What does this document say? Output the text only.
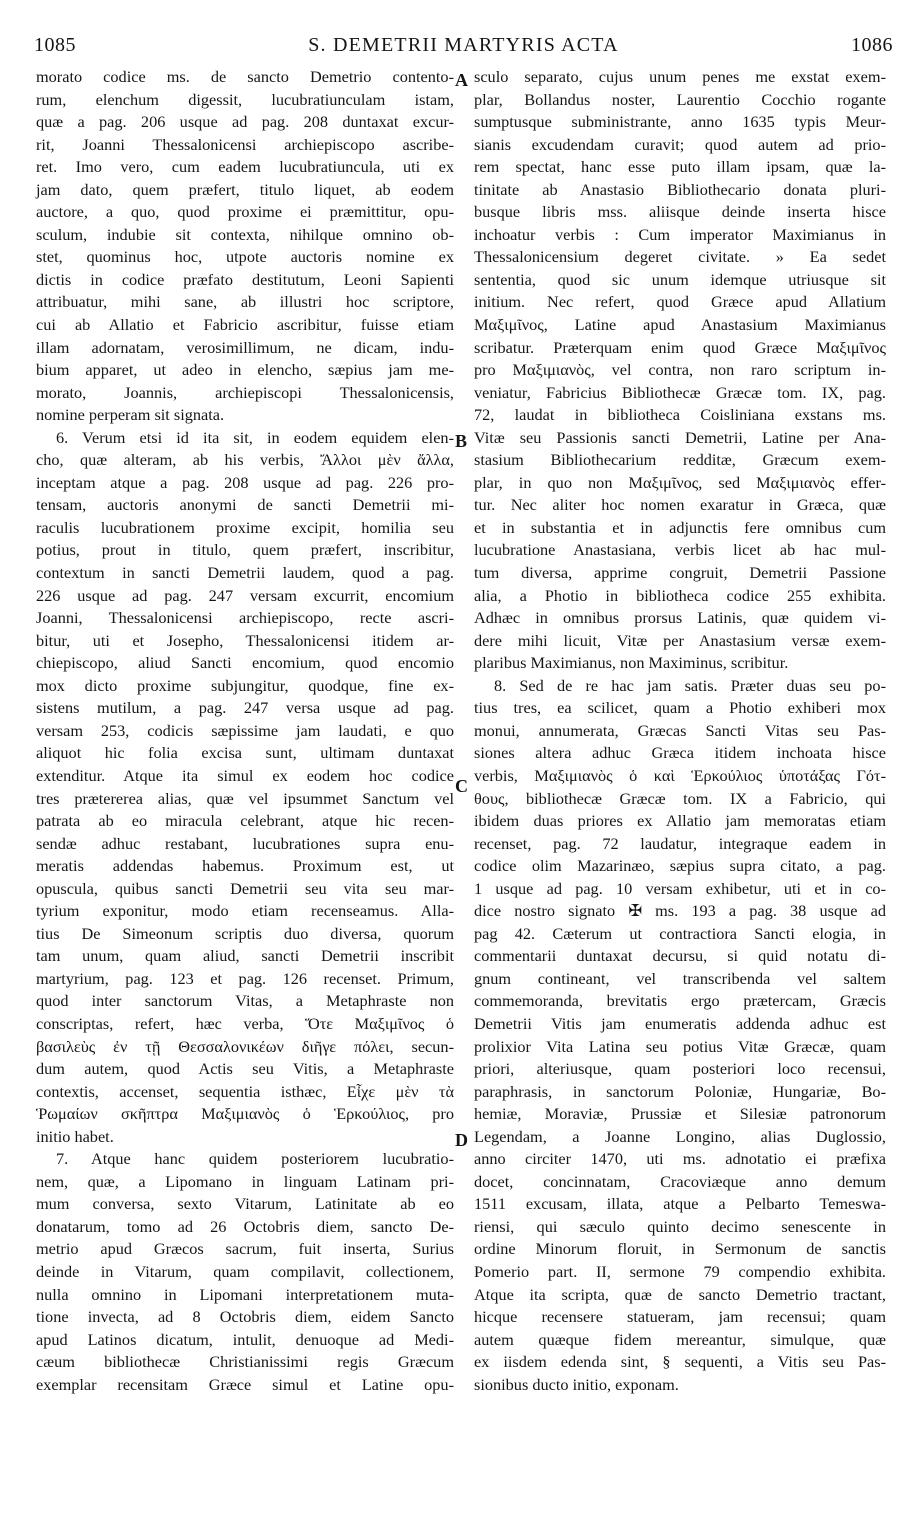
1085	S. DEMETRII MARTYRIS ACTA	1086
morato codice ms. de sancto Demetrio contento-
rum, elenchum digessit, lucubratiunculam istam,
quæ a pag. 206 usque ad pag. 208 duntaxat excur-
rit, Joanni Thessalonicensi archiepiscopo ascribe-
ret. Imo vero, cum eadem lucubratiuncula, uti ex
jam dato, quem præfert, titulo liquet, ab eodem
auctore, a quo, quod proxime ei præmittitur, opu-
sculum, indubie sit contexta, nihilque omnino ob-
stet, quominus hoc, utpote auctoris nomine ex
dictis in codice præfato destitutum, Leoni Sapienti
attribuatur, mihi sane, ab illustri hoc scriptore,
cui ab Allatio et Fabricio ascribitur, fuisse etiam
illam adornatam, verosimillimum, ne dicam, indu-
bium apparet, ut adeo in elencho, sæpius jam me-
morato, Joannis, archiepiscopi Thessalonicensis,
nomine perperam sit signata.
6. Verum etsi id ita sit, in eodem equidem elen-
cho, quæ alteram, ab his verbis, Ἄλλοι μὲν ἄλλα,
inceptam atque a pag. 208 usque ad pag. 226 pro-
tensam, auctoris anonymi de sancti Demetrii mi-
raculis lucubrationem proxime excipit, homilia seu
potius, prout in titulo, quem præfert, inscribitur,
contextum in sancti Demetrii laudem, quod a pag.
226 usque ad pag. 247 versam excurrit, encomium
Joanni, Thessalonicensi archiepiscopo, recte ascri-
bitur, uti et Josepho, Thessalonicensi itidem ar-
chiepiscopo, aliud Sancti encomium, quod encomio
mox dicto proxime subjungitur, quodque, fine ex-
sistens mutilum, a pag. 247 versa usque ad pag.
versam 253, codicis sæpissime jam laudati, e quo
aliquot hic folia excisa sunt, ultimam duntaxat
extenditur. Atque ita simul ex eodem hoc codice
tres prætererea alias, quæ vel ipsummet Sanctum vel
patrata ab eo miracula celebrant, atque hic recen-
sendæ adhuc restabant, lucubrationes supra enu-
meratis addendas habemus. Proximum est, ut
opuscula, quibus sancti Demetrii seu vita seu mar-
tyrium exponitur, modo etiam recenseamus. Alla-
tius De Simeonum scriptis duo diversa, quorum
tam unum, quam aliud, sancti Demetrii inscribit
martyrium, pag. 123 et pag. 126 recenset. Primum,
quod inter sanctorum Vitas, a Metaphraste non
conscriptas, refert, hæc verba, Ὅτε Μαξιμῖνος ὁ
βασιλεὺς ἐν τῇ Θεσσαλονικέων διῆγε πόλει, secun-
dum autem, quod Actis seu Vitis, a Metaphraste
contextis, accenset, sequentia isthæc, Εἶχε μὲν τὰ
Ῥωμαίων σκῆπτρα Μαξιμιανὸς ὁ Ἑρκούλιος, pro
initio habet.
7. Atque hanc quidem posteriorem lucubratio-
nem, quæ, a Lipomano in linguam Latinam pri-
mum conversa, sexto Vitarum, Latinitate ab eo
donatarum, tomo ad 26 Octobris diem, sancto De-
metrio apud Græcos sacrum, fuit inserta, Surius
deinde in Vitarum, quam compilavit, collectionem,
nulla omnino in Lipomani interpretationem muta-
tione invecta, ad 8 Octobris diem, eidem Sancto
apud Latinos dicatum, intulit, denuoque ad Medi-
cæum bibliothecæ Christianissimi regis Græcum
exemplar recensitam Græce simul et Latine opu-
sculo separato, cujus unum penes me exstat exem-
plar, Bollandus noster, Laurentio Cocchio rogante
sumptusque subministrante, anno 1635 typis Meur-
sianis excudendam curavit; quod autem ad prio-
rem spectat, hanc esse puto illam ipsam, quæ la-
tinitate ab Anastasio Bibliothecario donata pluri-
busque libris mss. aliisque deinde inserta hisce
inchoatur verbis : Cum imperator Maximianus in
Thessalonicensium degeret civitate. » Ea sedet
sententia, quod sic unum idemque utriusque sit
initium. Nec refert, quod Græce apud Allatium
Μαξιμῖνος, Latine apud Anastasium Maximianus
scribatur. Præterquam enim quod Græce Μαξιμῖνος
pro Μαξιμιανὸς, vel contra, non raro scriptum in-
veniatur, Fabricius Bibliothecæ Græcæ tom. IX, pag.
72, laudat in bibliotheca Coisliniana exstans ms.
Vitæ seu Passionis sancti Demetrii, Latine per Ana-
stasium Bibliothecarium redditæ, Græcum exem-
plar, in quo non Μαξιμῖνος, sed Μαξιμιανὸς effer-
tur. Nec aliter hoc nomen exaratur in Græca, quæ
et in substantia et in adjunctis fere omnibus cum
lucubratione Anastasiana, verbis licet ab hac mul-
tum diversa, apprime congruit, Demetrii Passione
alia, a Photio in bibliotheca codice 255 exhibita.
Adhæc in omnibus prorsus Latinis, quæ quidem vi-
dere mihi licuit, Vitæ per Anastasium versæ exem-
plaribus Maximianus, non Maximinus, scribitur.
8. Sed de re hac jam satis. Præter duas seu po-
tius tres, ea scilicet, quam a Photio exhiberi mox
monui, annumerata, Græcas Sancti Vitas seu Pas-
siones altera adhuc Græca itidem inchoata hisce
verbis, Μαξιμιανὸς ὁ καὶ Ἑρκούλιος ὑποτάξας Γότ-
θους, bibliothecæ Græcæ tom. IX a Fabricio, qui
ibidem duas priores ex Allatio jam memoratas etiam
recenset, pag. 72 laudatur, integraque eadem in
codice olim Mazarinæo, sæpius supra citato, a pag.
1 usque ad pag. 10 versam exhibetur, uti et in co-
dice nostro signato ✠ ms. 193 a pag. 38 usque ad
pag 42. Cæterum ut contractiora Sancti elogia, in
commentarii duntaxat decursu, si quid notatu di-
gnum contineant, vel transcribenda vel saltem
commemoranda, brevitatis ergo prætercam, Græcis
Demetrii Vitis jam enumeratis addenda adhuc est
prolixior Vita Latina seu potius Vitæ Græcæ, quam
priori, alteriusque, quam posteriori loco recensui,
paraphrasis, in sanctorum Poloniæ, Hungariæ, Bo-
hemiæ, Moraviæ, Prussiæ et Silesiæ patronorum
Legendam, a Joanne Longino, alias Duglossio,
anno circiter 1470, uti ms. adnotatio ei præfixa
docet, concinnatam, Cracoviæque anno demum
1511 excusam, illata, atque a Pelbarto Temeswa-
riensi, qui sæculo quinto decimo senescente in
ordine Minorum floruit, in Sermonum de sanctis
Pomerio part. II, sermone 79 compendio exhibita.
Atque ita scripta, quæ de sancto Demetrio tractant,
hicque recensere statueram, jam recensui; quam
autem quæque fidem mereantur, simulque, quæ
ex iisdem edenda sint, § sequenti, a Vitis seu Pas-
sionibus ducto initio, exponam.
A
B
C
D
